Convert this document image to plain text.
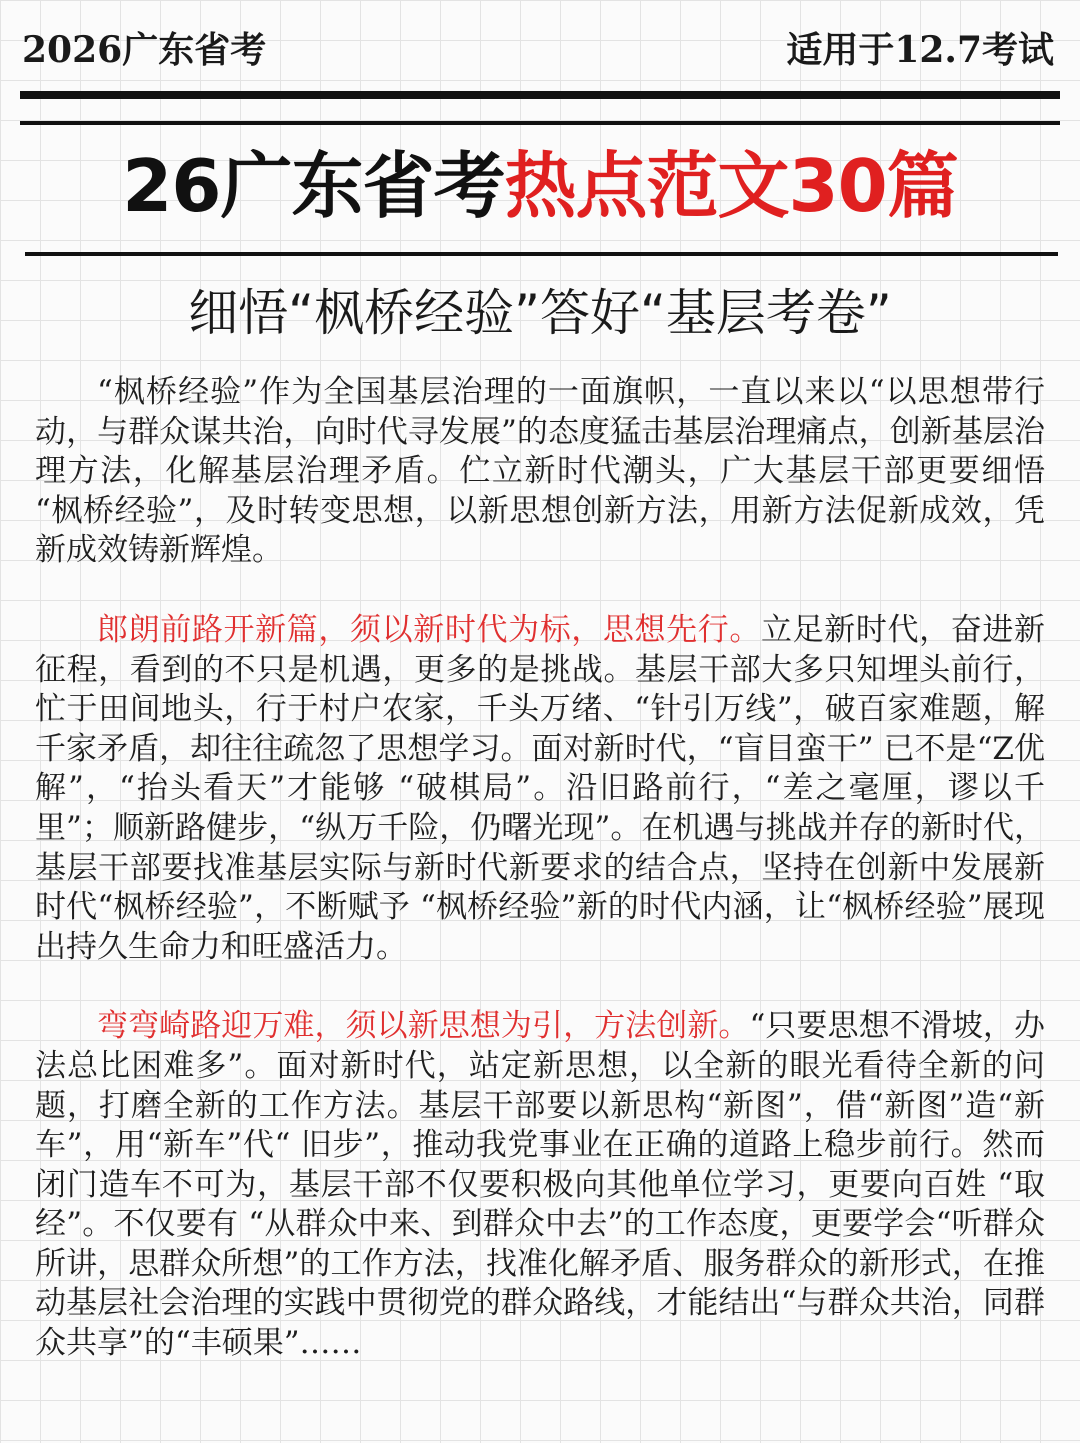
2026广东省考	适用于12.7考试
26广东省考热点范文30篇
细悟“枫桥经验”答好“基层考卷”

“枫桥经验”作为全国基层治理的一面旗帜，一直以来以“以思想带行动，与群众谋共治，向时代寻发展”的态度猛击基层治理痛点，创新基层治理方法，化解基层治理矛盾。伫立新时代潮头，广大基层干部更要细悟 “枫桥经验”，及时转变思想，以新思想创新方法，用新方法促新成效，凭新成效铸新辉煌。

郎朗前路开新篇，须以新时代为标，思想先行。立足新时代，奋进新征程，看到的不只是机遇，更多的是挑战。基层干部大多只知埋头前行，忙于田间地头，行于村户农家，千头万绪、“针引万线”，破百家难题，解千家矛盾，却往往疏忽了思想学习。面对新时代，“盲目蛮干” 已不是“Z优解”，“抬头看天”才能够 “破棋局”。沿旧路前行，“差之毫厘，谬以千里”；顺新路健步，“纵万千险，仍曙光现”。在机遇与挑战并存的新时代，基层干部要找准基层实际与新时代新要求的结合点，坚持在创新中发展新时代“枫桥经验”，不断赋予 “枫桥经验”新的时代内涵，让“枫桥经验”展现出持久生命力和旺盛活力。

弯弯崎路迎万难，须以新思想为引，方法创新。“只要思想不滑坡，办法总比困难多”。面对新时代，站定新思想，以全新的眼光看待全新的问题，打磨全新的工作方法。基层干部要以新思构“新图”，借“新图”造“新车”，用“新车”代“ 旧步”，推动我党事业在正确的道路上稳步前行。然而闭门造车不可为，基层干部不仅要积极向其他单位学习，更要向百姓 “取经”。不仅要有 “从群众中来、到群众中去”的工作态度，更要学会“听群众所讲，思群众所想”的工作方法，找准化解矛盾、服务群众的新形式，在推动基层社会治理的实践中贯彻党的群众路线，才能结出“与群众共治，同群众共享”的“丰硕果”……
